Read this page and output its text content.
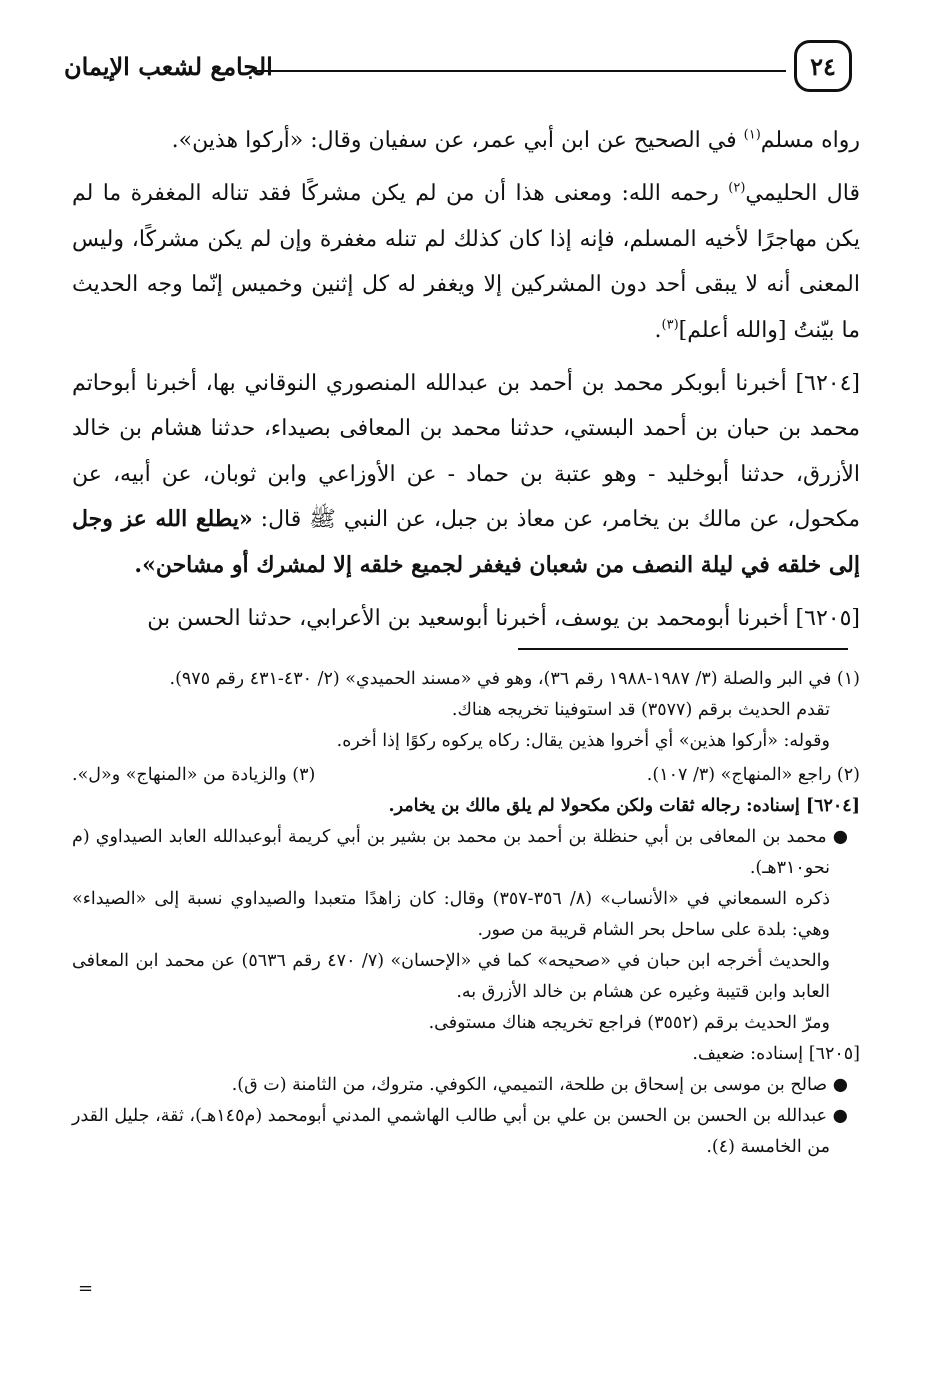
٢٤
الجامع لشعب الإيمان

رواه مسلم$^{(١)}$ في الصحيح عن ابن أبي عمر، عن سفيان وقال: «أركوا هذين».

قال الحليمي$^{(٢)}$ رحمه الله: ومعنى هذا أن من لم يكن مشركًا فقد تناله المغفرة ما لم يكن مهاجرًا لأخيه المسلم، فإنه إذا كان كذلك لم تنله مغفرة وإن لم يكن مشركًا، وليس المعنى أنه لا يبقى أحد دون المشركين إلا ويغفر له كل إثنين وخميس إنّما وجه الحديث ما بيّنتُ [والله أعلم]$^{(٣)}$.

[٦٢٠٤] أخبرنا أبوبكر محمد بن أحمد بن عبدالله المنصوري النوقاني بها، أخبرنا أبوحاتم محمد بن حبان بن أحمد البستي، حدثنا محمد بن المعافى بصيداء، حدثنا هشام بن خالد الأزرق، حدثنا أبوخليد - وهو عتبة بن حماد - عن الأوزاعي وابن ثوبان، عن أبيه، عن مكحول، عن مالك بن يخامر، عن معاذ بن جبل، عن النبي ﷺ قال: «يطلع الله عز وجل إلى خلقه في ليلة النصف من شعبان فيغفر لجميع خلقه إلا لمشرك أو مشاحن».

[٦٢٠٥] أخبرنا أبومحمد بن يوسف، أخبرنا أبوسعيد بن الأعرابي، حدثنا الحسن بن

(١) في البر والصلة (٣/ ١٩٨٧-١٩٨٨ رقم ٣٦)، وهو في «مسند الحميدي» (٢/ ٤٣٠-٤٣١ رقم ٩٧٥).

تقدم الحديث برقم (٣٥٧٧) قد استوفينا تخريجه هناك.

وقوله: «أركوا هذين» أي أخروا هذين يقال: ركاه يركوه ركوًا إذا أخره.

(٢) راجع «المنهاج» (٣/ ١٠٧).
(٣) والزيادة من «المنهاج» و«ل».

[٦٢٠٤] إسناده: رجاله ثقات ولكن مكحولا لم يلق مالك بن يخامر.

● محمد بن المعافى بن أبي حنظلة بن أحمد بن محمد بن بشير بن أبي كريمة أبوعبدالله العابد الصيداوي (م نحو٣١٠هـ).

ذكره السمعاني في «الأنساب» (٨/ ٣٥٦-٣٥٧) وقال: كان زاهدًا متعبدا والصيداوي نسبة إلى «الصيداء» وهي: بلدة على ساحل بحر الشام قريبة من صور.

والحديث أخرجه ابن حبان في «صحيحه» كما في «الإحسان» (٧/ ٤٧٠ رقم ٥٦٣٦) عن محمد ابن المعافى العابد وابن قتيبة وغيره عن هشام بن خالد الأزرق به.

ومرّ الحديث برقم (٣٥٥٢) فراجع تخريجه هناك مستوفى.

[٦٢٠٥] إسناده: ضعيف.

● صالح بن موسى بن إسحاق بن طلحة، التميمي، الكوفي. متروك، من الثامنة (ت ق).

● عبدالله بن الحسن بن الحسن بن علي بن أبي طالب الهاشمي المدني أبومحمد (م١٤٥هـ)، ثقة، جليل القدر من الخامسة (٤).

=
